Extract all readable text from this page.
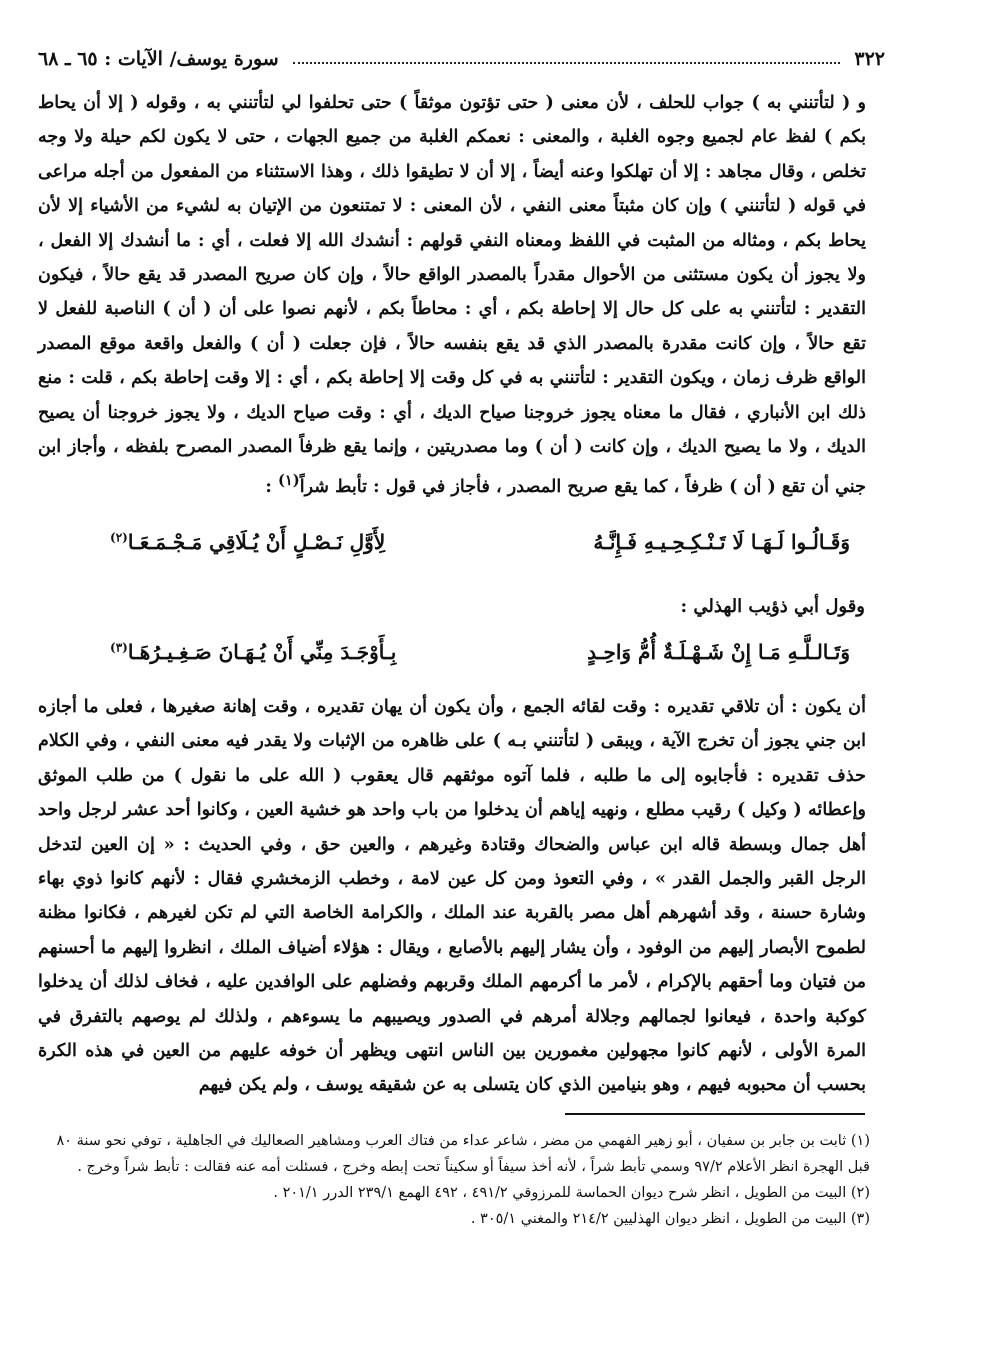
٣٢٢
سورة يوسف/ الآيات : ٦٥ ـ ٦٨

و ( لتأتنني به ) جواب للحلف ، لأن معنى ( حتى تؤتون موثقاً ) حتى تحلفوا لي لتأتنني به ، وقوله ( إلا أن يحاط بكم ) لفظ عام لجميع وجوه الغلبة ، والمعنى : نعمكم الغلبة من جميع الجهات ، حتى لا يكون لكم حيلة ولا وجه تخلص ، وقال مجاهد : إلا أن تهلكوا وعنه أيضاً ، إلا أن لا تطيقوا ذلك ، وهذا الاستثناء من المفعول من أجله مراعى في قوله ( لتأتنني ) وإن كان مثبتاً معنى النفي ، لأن المعنى : لا تمتنعون من الإتيان به لشيء من الأشياء إلا لأن يحاط بكم ، ومثاله من المثبت في اللفظ ومعناه النفي قولهم : أنشدك الله إلا فعلت ، أي : ما أنشدك إلا الفعل ، ولا يجوز أن يكون مستثنى من الأحوال مقدراً بالمصدر الواقع حالاً ، وإن كان صريح المصدر قد يقع حالاً ، فيكون التقدير : لتأتنني به على كل حال إلا إحاطة بكم ، أي : محاطاً بكم ، لأنهم نصوا على أن ( أن ) الناصبة للفعل لا تقع حالاً ، وإن كانت مقدرة بالمصدر الذي قد يقع بنفسه حالاً ، فإن جعلت ( أن ) والفعل واقعة موقع المصدر الواقع ظرف زمان ، ويكون التقدير : لتأتنني به في كل وقت إلا إحاطة بكم ، أي : إلا وقت إحاطة بكم ، قلت : منع ذلك ابن الأنباري ، فقال ما معناه يجوز خروجنا صياح الديك ، أي : وقت صياح الديك ، ولا يجوز خروجنا أن يصيح الديك ، ولا ما يصيح الديك ، وإن كانت ( أن ) وما مصدريتين ، وإنما يقع ظرفاً المصدر المصرح بلفظه ، وأجاز ابن جني أن تقع ( أن ) ظرفاً ، كما يقع صريح المصدر ، فأجاز في قول : تأبط شراً$^{(١)}$ :

وَقَـالُـوا لَـهَـا لَا تَـنْـكِـحِـيـهِ فَـإِنَّـهُ
لِأَوَّلِ نَـصْـلٍ أَنْ يُـلَاقِي مَـجْـمَـعَـا$^{(٢)}$
وقول أبي ذؤيب الهذلي :
وَتَـالـلَّـهِ مَـا إِنْ شَـهْـلَـةٌ أُمُّ وَاحِـدٍ
بِـأَوْجَـدَ مِنِّي أَنْ يُـهَـانَ صَـغِـيـرُهَـا$^{(٣)}$

أن يكون : أن تلاقي تقديره : وقت لقائه الجمع ، وأن يكون أن يهان تقديره ، وقت إهانة صغيرها ، فعلى ما أجازه ابن جني يجوز أن تخرج الآية ، ويبقى ( لتأتنني بـه ) على ظاهره من الإثبات ولا يقدر فيه معنى النفي ، وفي الكلام حذف تقديره : فأجابوه إلى ما طلبه ، فلما آتوه موثقهم قال يعقوب ( الله على ما نقول ) من طلب الموثق وإعطائه ( وكيل ) رقيب مطلع ، ونهيه إياهم أن يدخلوا من باب واحد هو خشية العين ، وكانوا أحد عشر لرجل واحد أهل جمال وبسطة قاله ابن عباس والضحاك وقتادة وغيرهم ، والعين حق ، وفي الحديث : « إن العين لتدخل الرجل القبر والجمل القدر » ، وفي التعوذ ومن كل عين لامة ، وخطب الزمخشري فقال : لأنهم كانوا ذوي بهاء وشارة حسنة ، وقد أشهرهم أهل مصر بالقربة عند الملك ، والكرامة الخاصة التي لم تكن لغيرهم ، فكانوا مظنة لطموح الأبصار إليهم من الوفود ، وأن يشار إليهم بالأصابع ، ويقال : هؤلاء أضياف الملك ، انظروا إليهم ما أحسنهم من فتيان وما أحقهم بالإكرام ، لأمر ما أكرمهم الملك وقربهم وفضلهم على الوافدين عليه ، فخاف لذلك أن يدخلوا كوكبة واحدة ، فيعانوا لجمالهم وجلالة أمرهم في الصدور ويصيبهم ما يسوءهم ، ولذلك لم يوصهم بالتفرق في المرة الأولى ، لأنهم كانوا مجهولين مغمورين بين الناس انتهى ويظهر أن خوفه عليهم من العين في هذه الكرة بحسب أن محبوبه فيهم ، وهو بنيامين الذي كان يتسلى به عن شقيقه يوسف ، ولم يكن فيهم

(١) ثابت بن جابر بن سفيان ، أبو زهير الفهمي من مضر ، شاعر عداء من فتاك العرب ومشاهير الصعاليك في الجاهلية ، توفي نحو سنة ٨٠ قبل الهجرة انظر الأعلام ٩٧/٢ وسمي تأبط شراً ، لأنه أخذ سيفاً أو سكيناً تحت إبطه وخرج ، فسئلت أمه عنه فقالت : تأبط شراً وخرج .

(٢) البيت من الطويل ، انظر شرح ديوان الحماسة للمرزوقي ٤٩١/٢ ، ٤٩٢ الهمع ٢٣٩/١ الدرر ٢٠١/١ .

(٣) البيت من الطويل ، انظر ديوان الهذليين ٢١٤/٢ والمغني ٣٠٥/١ .
